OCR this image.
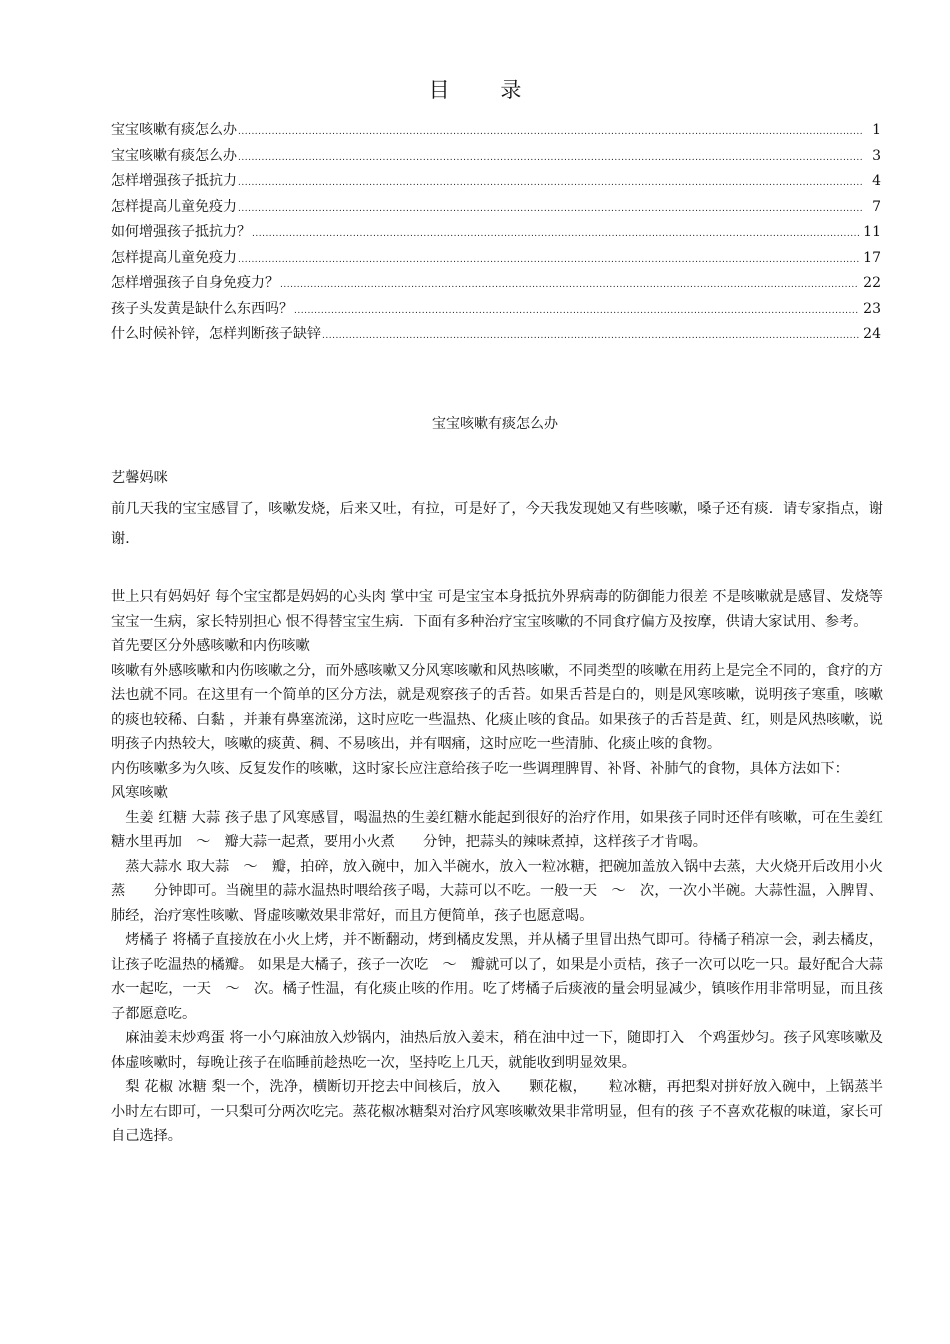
目 录
宝宝咳嗽有痰怎么办 .....	1
宝宝咳嗽有痰怎么办 .....	3
怎样增强孩子抵抗力 .....	4
怎样提高儿童免疫力 .....	7
如何增强孩子抵抗力？ .....	11
怎样提高儿童免疫力 .....	17
怎样增强孩子自身免疫力？ .....	22
孩子头发黄是缺什么东西吗？ .....	23
什么时候补锌，怎样判断孩子缺锌 .....	24
宝宝咳嗽有痰怎么办
艺馨妈咪
前几天我的宝宝感冒了，咳嗽发烧，后来又吐，有拉，可是好了，今天我发现她又有些咳嗽，嗓子还有痰．请专家指点，谢谢．

世上只有妈妈好 每个宝宝都是妈妈的心头肉 掌中宝 可是宝宝本身抵抗外界病毒的防御能力很差 不是咳嗽就是感冒、发烧等　　　宝宝一生病，家长特别担心 恨不得替宝宝生病．下面有多种治疗宝宝咳嗽的不同食疗偏方及按摩，供请大家试用、参考。

首先要区分外感咳嗽和内伤咳嗽

咳嗽有外感咳嗽和内伤咳嗽之分，而外感咳嗽又分风寒咳嗽和风热咳嗽，不同类型的咳嗽在用药上是完全不同的，食疗的方法也就不同。在这里有一个简单的区分方法，就是观察孩子的舌苔。如果舌苔是白的，则是风寒咳嗽，说明孩子寒重，咳嗽的痰也较稀、白黏 ，并兼有鼻塞流涕，这时应吃一些温热、化痰止咳的食品。如果孩子的舌苔是黄、红，则是风热咳嗽，说明孩子内热较大，咳嗽的痰黄、稠、不易咳出，并有咽痛，这时应吃一些清肺、化痰止咳的食物。

内伤咳嗽多为久咳、反复发作的咳嗽，这时家长应注意给孩子吃一些调理脾胃、补肾、补肺气的食物，具体方法如下：

风寒咳嗽

生姜 红糖 大蒜 孩子患了风寒感冒，喝温热的生姜红糖水能起到很好的治疗作用，如果孩子同时还伴有咳嗽，可在生姜红糖水里再加　～　瓣大蒜一起煮，要用小火煮　　分钟，把蒜头的辣味煮掉，这样孩子才肯喝。

蒸大蒜水 取大蒜　～　瓣，拍碎，放入碗中，加入半碗水，放入一粒冰糖，把碗加盖放入锅中去蒸，大火烧开后改用小火蒸　　分钟即可。当碗里的蒜水温热时喂给孩子喝，大蒜可以不吃。一般一天　～　次，一次小半碗。大蒜性温，入脾胃、肺经，治疗寒性咳嗽、肾虚咳嗽效果非常好，而且方便简单，孩子也愿意喝。

烤橘子 将橘子直接放在小火上烤，并不断翻动，烤到橘皮发黑，并从橘子里冒出热气即可。待橘子稍凉一会，剥去橘皮，让孩子吃温热的橘瓣。 如果是大橘子，孩子一次吃　～　瓣就可以了，如果是小贡桔，孩子一次可以吃一只。最好配合大蒜水一起吃，一天　～　次。橘子性温，有化痰止咳的作用。吃了烤橘子后痰液的量会明显减少，镇咳作用非常明显，而且孩子都愿意吃。

麻油姜末炒鸡蛋 将一小勺麻油放入炒锅内，油热后放入姜末，稍在油中过一下，随即打入　个鸡蛋炒匀。孩子风寒咳嗽及体虚咳嗽时，每晚让孩子在临睡前趁热吃一次，坚持吃上几天，就能收到明显效果。

梨 花椒 冰糖 梨一个，洗净，横断切开挖去中间核后，放入　　颗花椒，　　粒冰糖，再把梨对拼好放入碗中，上锅蒸半小时左右即可，一只梨可分两次吃完。蒸花椒冰糖梨对治疗风寒咳嗽效果非常明显，但有的孩 子不喜欢花椒的味道，家长可自己选择。
